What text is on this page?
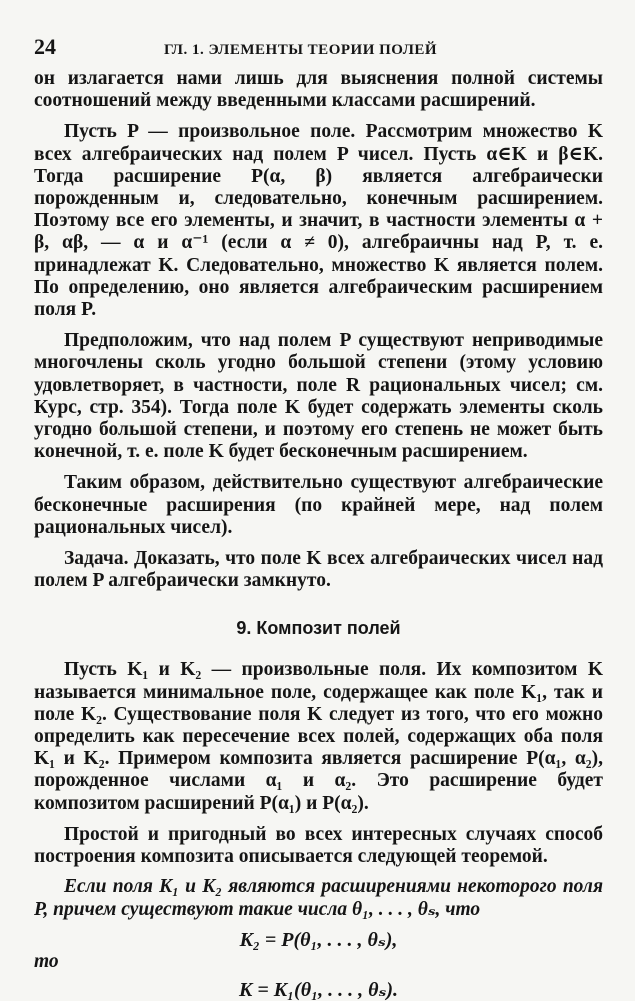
24	ГЛ. 1. ЭЛЕМЕНТЫ ТЕОРИИ ПОЛЕЙ

он излагается нами лишь для выяснения полной системы соотношений между введенными классами расширений.

Пусть P — произвольное поле. Рассмотрим множество K всех алгебраических над полем P чисел. Пусть α∈K и β∈K. Тогда расширение P(α, β) является алгебраически порожденным и, следовательно, конечным расширением. Поэтому все его элементы, и значит, в частности элементы α + β, αβ, — α и α⁻¹ (если α ≠ 0), алгебраичны над P, т. е. принадлежат K. Следовательно, множество K является полем. По определению, оно является алгебраическим расширением поля P.

Предположим, что над полем P существуют неприводимые многочлены сколь угодно большой степени (этому условию удовлетворяет, в частности, поле R рациональных чисел; см. Курс, стр. 354). Тогда поле K будет содержать элементы сколь угодно большой степени, и поэтому его степень не может быть конечной, т. е. поле K будет бесконечным расширением.

Таким образом, действительно существуют алгебраические бесконечные расширения (по крайней мере, над полем рациональных чисел).

Задача. Доказать, что поле K всех алгебраических чисел над полем P алгебраически замкнуто.

9. Композит полей

Пусть K₁ и K₂ — произвольные поля. Их композитом K называется минимальное поле, содержащее как поле K₁, так и поле K₂. Существование поля K следует из того, что его можно определить как пересечение всех полей, содержащих оба поля K₁ и K₂. Примером композита является расширение P(α₁, α₂), порожденное числами α₁ и α₂. Это расширение будет композитом расширений P(α₁) и P(α₂).

Простой и пригодный во всех интересных случаях способ построения композита описывается следующей теоремой.

Если поля K₁ и K₂ являются расширениями некоторого поля P, причем существуют такие числа θ₁, . . . , θₛ, что

K₂ = P(θ₁, . . . , θₛ),
то
K = K₁(θ₁, . . . , θₛ).
